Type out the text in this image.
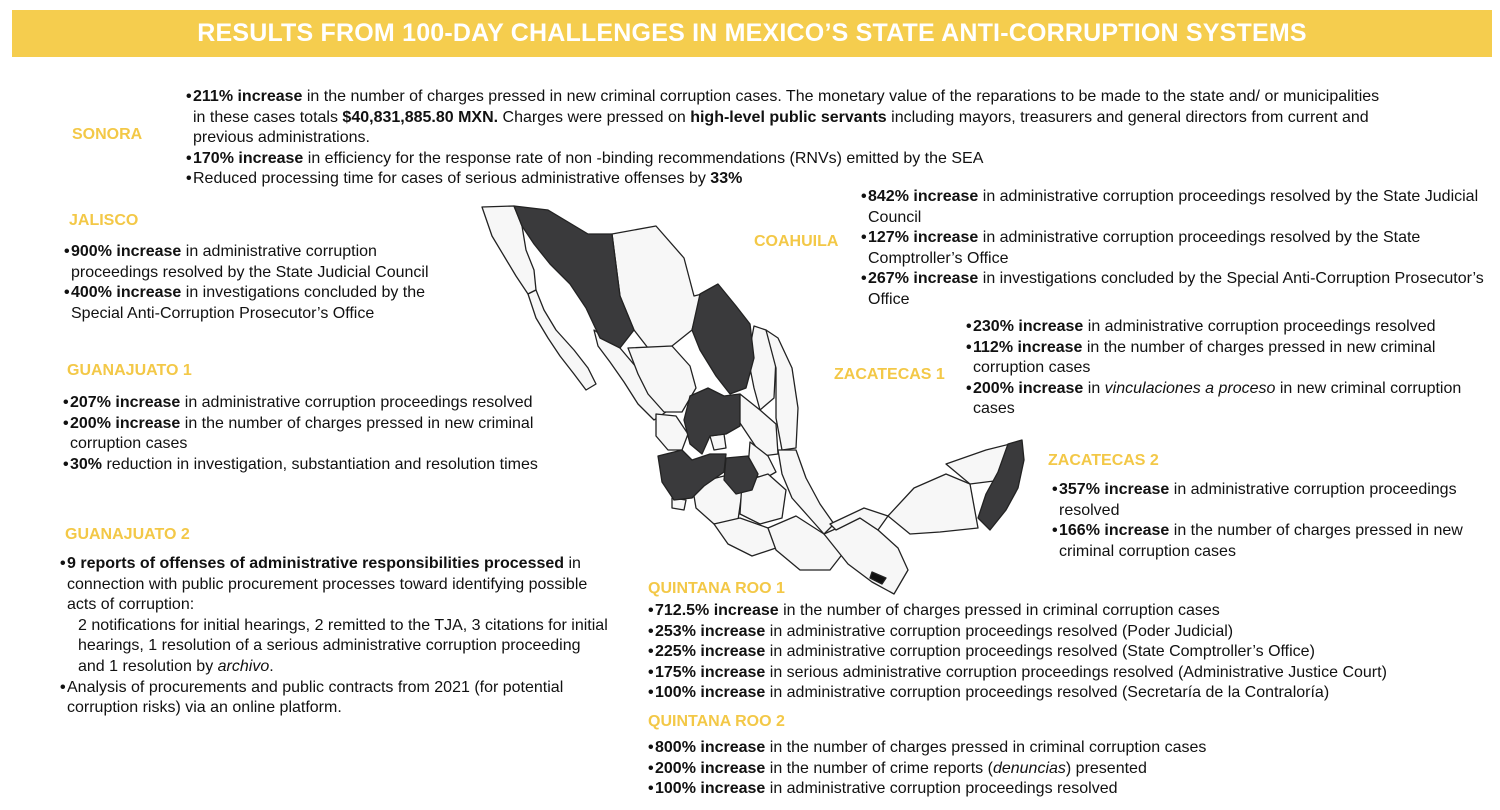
RESULTS FROM 100-DAY CHALLENGES IN MEXICO’S STATE ANTI-CORRUPTION SYSTEMS
SONORA
• 211% increase in the number of charges pressed in new criminal corruption cases. The monetary value of the reparations to be made to the state and/ or municipalities in these cases totals $40,831,885.80 MXN. Charges were pressed on high-level public servants including mayors, treasurers and general directors from current and previous administrations.
• 170% increase in efficiency for the response rate of non -binding recommendations (RNVs) emitted by the SEA
• Reduced processing time for cases of serious administrative offenses by 33%
JALISCO
• 900% increase in administrative corruption proceedings resolved by the State Judicial Council
• 400% increase in investigations concluded by the Special Anti-Corruption Prosecutor’s Office
GUANAJUATO 1
• 207% increase in administrative corruption proceedings resolved
• 200% increase in the number of charges pressed in new criminal corruption cases
• 30% reduction in investigation, substantiation and resolution times
GUANAJUATO 2
• 9 reports of offenses of administrative responsibilities processed in connection with public procurement processes toward identifying possible acts of corruption:
2 notifications for initial hearings, 2 remitted to the TJA, 3 citations for initial hearings, 1 resolution of a serious administrative corruption proceeding and 1 resolution by archivo.
• Analysis of procurements and public contracts from 2021 (for potential corruption risks) via an online platform.
COAHUILA
• 842% increase in administrative corruption proceedings resolved by the State Judicial Council
• 127% increase in administrative corruption proceedings resolved by the State Comptroller’s Office
• 267% increase in investigations concluded by the Special Anti-Corruption Prosecutor’s Office
ZACATECAS 1
• 230% increase in administrative corruption proceedings resolved
• 112% increase in the number of charges pressed in new criminal corruption cases
• 200% increase in vinculaciones a proceso in new criminal corruption cases
ZACATECAS 2
• 357% increase in administrative corruption proceedings resolved
• 166% increase in the number of charges pressed in new criminal corruption cases
QUINTANA ROO 1
• 712.5% increase in the number of charges pressed in criminal corruption cases
• 253% increase in administrative corruption proceedings resolved (Poder Judicial)
• 225% increase in administrative corruption proceedings resolved (State Comptroller’s Office)
• 175% increase in serious administrative corruption proceedings resolved (Administrative Justice Court)
• 100% increase in administrative corruption proceedings resolved (Secretaría de la Contraloría)
QUINTANA ROO 2
• 800% increase in the number of charges pressed in criminal corruption cases
• 200% increase in the number of crime reports (denuncias) presented
• 100% increase in administrative corruption proceedings resolved
